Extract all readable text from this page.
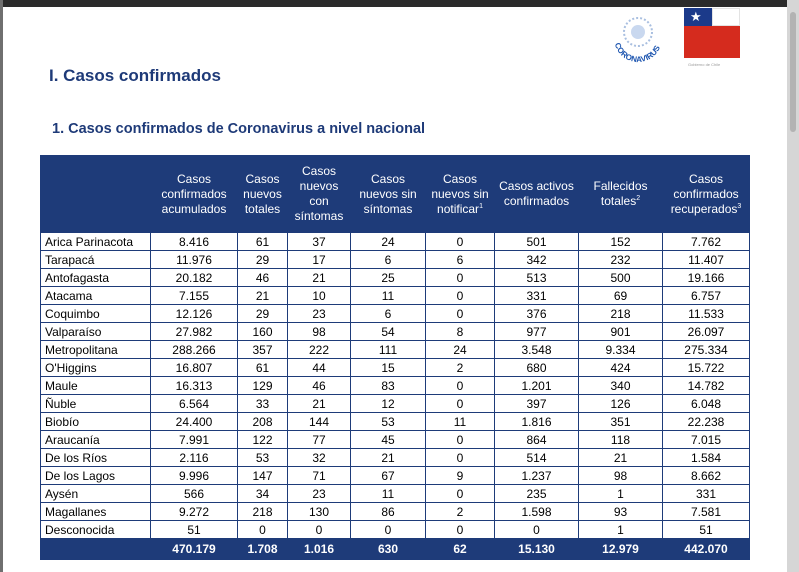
CORONAVIRUS
★
Gobierno de Chile
I. Casos confirmados
1. Casos confirmados de Coronavirus a nivel nacional
	Casos confirmados acumulados	Casos nuevos totales	Casos nuevos con síntomas	Casos nuevos sin síntomas	Casos nuevos sin notificar$^1$	Casos activos confirmados	Fallecidos totales$^2$	Casos confirmados recuperados$^3$
Arica Parinacota	8.416	61	37	24	0	501	152	7.762
Tarapacá	11.976	29	17	6	6	342	232	11.407
Antofagasta	20.182	46	21	25	0	513	500	19.166
Atacama	7.155	21	10	11	0	331	69	6.757
Coquimbo	12.126	29	23	6	0	376	218	11.533
Valparaíso	27.982	160	98	54	8	977	901	26.097
Metropolitana	288.266	357	222	111	24	3.548	9.334	275.334
O'Higgins	16.807	61	44	15	2	680	424	15.722
Maule	16.313	129	46	83	0	1.201	340	14.782
Ñuble	6.564	33	21	12	0	397	126	6.048
Biobío	24.400	208	144	53	11	1.816	351	22.238
Araucanía	7.991	122	77	45	0	864	118	7.015
De los Ríos	2.116	53	32	21	0	514	21	1.584
De los Lagos	9.996	147	71	67	9	1.237	98	8.662
Aysén	566	34	23	11	0	235	1	331
Magallanes	9.272	218	130	86	2	1.598	93	7.581
Desconocida	51	0	0	0	0	0	1	51
	470.179	1.708	1.016	630	62	15.130	12.979	442.070
